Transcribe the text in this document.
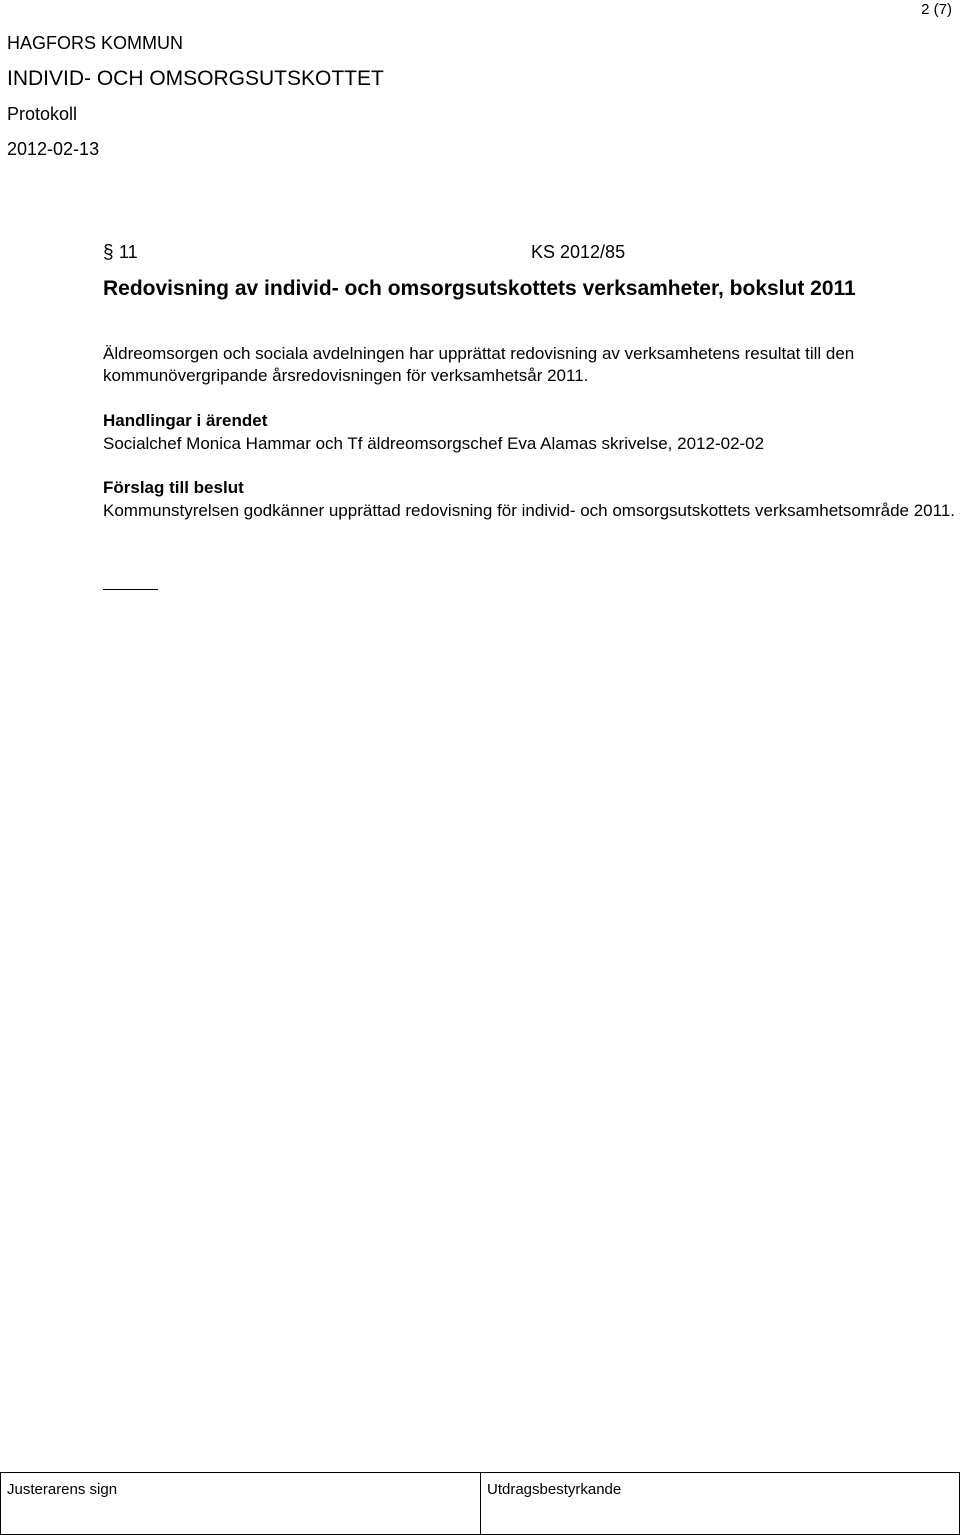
2 (7)
HAGFORS KOMMUN
INDIVID- OCH OMSORGSUTSKOTTET
Protokoll
2012-02-13
§ 11	KS 2012/85
Redovisning av individ- och omsorgsutskottets verksamheter, bokslut 2011
Äldreomsorgen och sociala avdelningen har upprättat redovisning av verksamhetens resultat till den kommunövergripande årsredovisningen för verksamhetsår 2011.
Handlingar i ärendet
Socialchef Monica Hammar och Tf äldreomsorgschef Eva Alamas skrivelse, 2012-02-02
Förslag till beslut
Kommunstyrelsen godkänner upprättad redovisning för individ- och omsorgsutskottets verksamhetsområde 2011.
Justerarens sign	Utdragsbestyrkande
